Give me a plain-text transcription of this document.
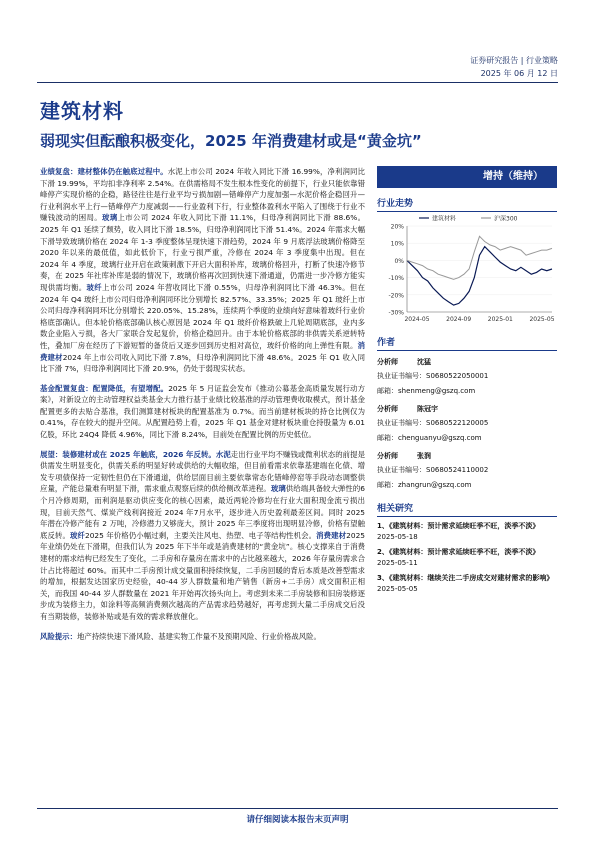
证券研究报告 | 行业策略
2025 年 06 月 12 日
建筑材料
弱现实但酝酿积极变化，2025 年消费建材或是“黄金坑”

业绩复盘：建材整体仍在触底过程中。水泥上市公司 2024 年收入同比下滑 16.99%，净利润同比下滑 19.99%，平均扣非净利率 2.54%。在供需格局不发生根本性变化的前提下，行业只能依靠错峰停产实现价格的企稳，路径往往是行业平均亏损加剧—错峰停产力度加强—水泥价格企稳回升—行业利润水平上行—错峰停产力度减弱——行业盈利下行，行业整体盈利水平陷入了围绕于行业不赚钱波动的困局。玻璃上市公司 2024 年收入同比下滑 11.1%，归母净利润同比下滑 88.6%。2025 年 Q1 延续了颓势，收入同比下滑 18.5%，归母净利润同比下滑 51.4%。2024 年需求大幅下滑导致玻璃价格在 2024 年 1-3 季度整体呈现快速下滑趋势，2024 年 9 月底浮法玻璃价格降至 2020 年以来的最低值，如此低价下，行业亏损严重，冷修在 2024 年 3 季度集中出现。但在 2024 年 4 季度，玻璃行业开启在政策刺激下开启大面积补库，玻璃价格回升，打断了快速冷修节奏，在 2025 年社库补库是弱的情况下，玻璃价格再次回到快速下滑通道，仍需进一步冷修方能实现供需均衡。玻纤上市公司 2024 年营收同比下滑 0.55%，归母净利润同比下滑 46.3%。但在 2024 年 Q4 玻纤上市公司归母净利润同环比分别增长 82.57%、33.35%；2025 年 Q1 玻纤上市公司归母净利润同环比分别增长 220.05%、15.28%，连续两个季度的业绩向好意味着玻纤行业价格底部确认。但本轮价格底部确认核心原因是 2024 年 Q1 玻纤价格跌破上几轮周期底部，业内多数企业陷入亏损，各大厂家联合发起复价，价格企稳回升。由于本轮价格底部的非供需关系逆转特性，叠加厂房在经历了下游短暂的备货后又逐步回到历史相对高位，玻纤价格的向上弹性有限。消费建材2024 年上市公司收入同比下滑 7.8%，归母净利润同比下滑 48.6%。2025 年 Q1 收入同比下滑 7%，归母净利润同比下滑 20.9%，仍处于弱现实状态。

基金配置复盘：配置降低，有望增配。2025 年 5 月证监会发布《推动公募基金高质量发展行动方案》，对新设立的主动管理权益类基金大力推行基于业绩比较基准的浮动管理费收取模式，预计基金配置更多的去贴合基准，我们测算建材板块的配置基准为 0.7%。而当前建材板块的持仓比例仅为 0.41%，存在较大的提升空间。从配置趋势上看，2025 年 Q1 基金对建材板块重仓持股量为 6.01 亿股，环比 24Q4 降低 4.96%，同比下滑 8.24%，目前处在配置比例的历史低位。

展望：装修建材或在 2025 年触底，2026 年反转。水泥走出行业平均不赚钱或微利状态的前提是供需发生明显变化，供需关系的明显好转或供给的大幅收缩，但目前看需求依靠基建端在化债、增发专项债保持一定韧性但仍在下滑通道，供给层面目前主要依靠常态化错峰停窑等手段动态调整供应量，产能总量难有明显下滑，需求重点观察后续的供给侧改革进程。玻璃供给端具备较大弹性的6 个月冷修周期，而利润是驱动供应变化的核心因素，最近两轮冷修均在行业大面积现金流亏损出现，目前天然气、煤炭产线利润接近 2024 年7月水平，逐步进入历史盈利最差区间。同时 2025 年潜在冷修产能有 2 万吨，冷修潜力又够庞大，预计 2025 年三季度将出现明显冷修，价格有望触底反转。玻纤2025 年价格仍小幅过剩，主要关注风电、热塑、电子等结构性机会。消费建材2025 年业绩仍处在下滑期，但我们认为 2025 年下半年或是消费建材的“黄金坑”。核心支撑来自于消费建材的需求结构已经发生了变化，二手房和存量房在需求中的占比越来越大，2026 年存量房需求合计占比将超过 60%。而其中二手房预计成交量面积持续恢复，二手房回暖的背后本质是改善型需求的增加，根据发达国家历史经验，40-44 岁人群数量和地产销售（新房+二手房）成交面积正相关，而我国 40-44 岁人群数量在 2021 年开始再次扬头向上。考虑到未来二手房装修和旧房装修逐步成为装修主力，如涂料等高频消费频次越高的产品需求趋势越好，再考虑到大量二手房成交后没有当期装修，装修补贴或是有效的需求释放催化。

风险提示：地产持续快速下滑风险、基建实物工作量不及预期风险、行业价格战风险。

增持（维持）
行业走势
20%
10%
0%
-10%
-20%
-30%
2024-05	2024-09	2025-01	2025-05
建筑材料	沪深300
作者
分析师	沈猛
执业证书编号：S0680522050001
邮箱：shenmeng@gszq.com
分析师	陈冠宇
执业证书编号：S0680522120005
邮箱：chenguanyu@gszq.com
分析师	张润
执业证书编号：S0680524110002
邮箱：zhangrun@gszq.com
相关研究
1、《建筑材料：预计需求延续旺季不旺，淡季不淡》
2025-05-18
2、《建筑材料：预计需求延续旺季不旺，淡季不淡》
2025-05-11
3、《建筑材料：继续关注二手房成交对建材需求的影响》
2025-05-05
请仔细阅读本报告末页声明
